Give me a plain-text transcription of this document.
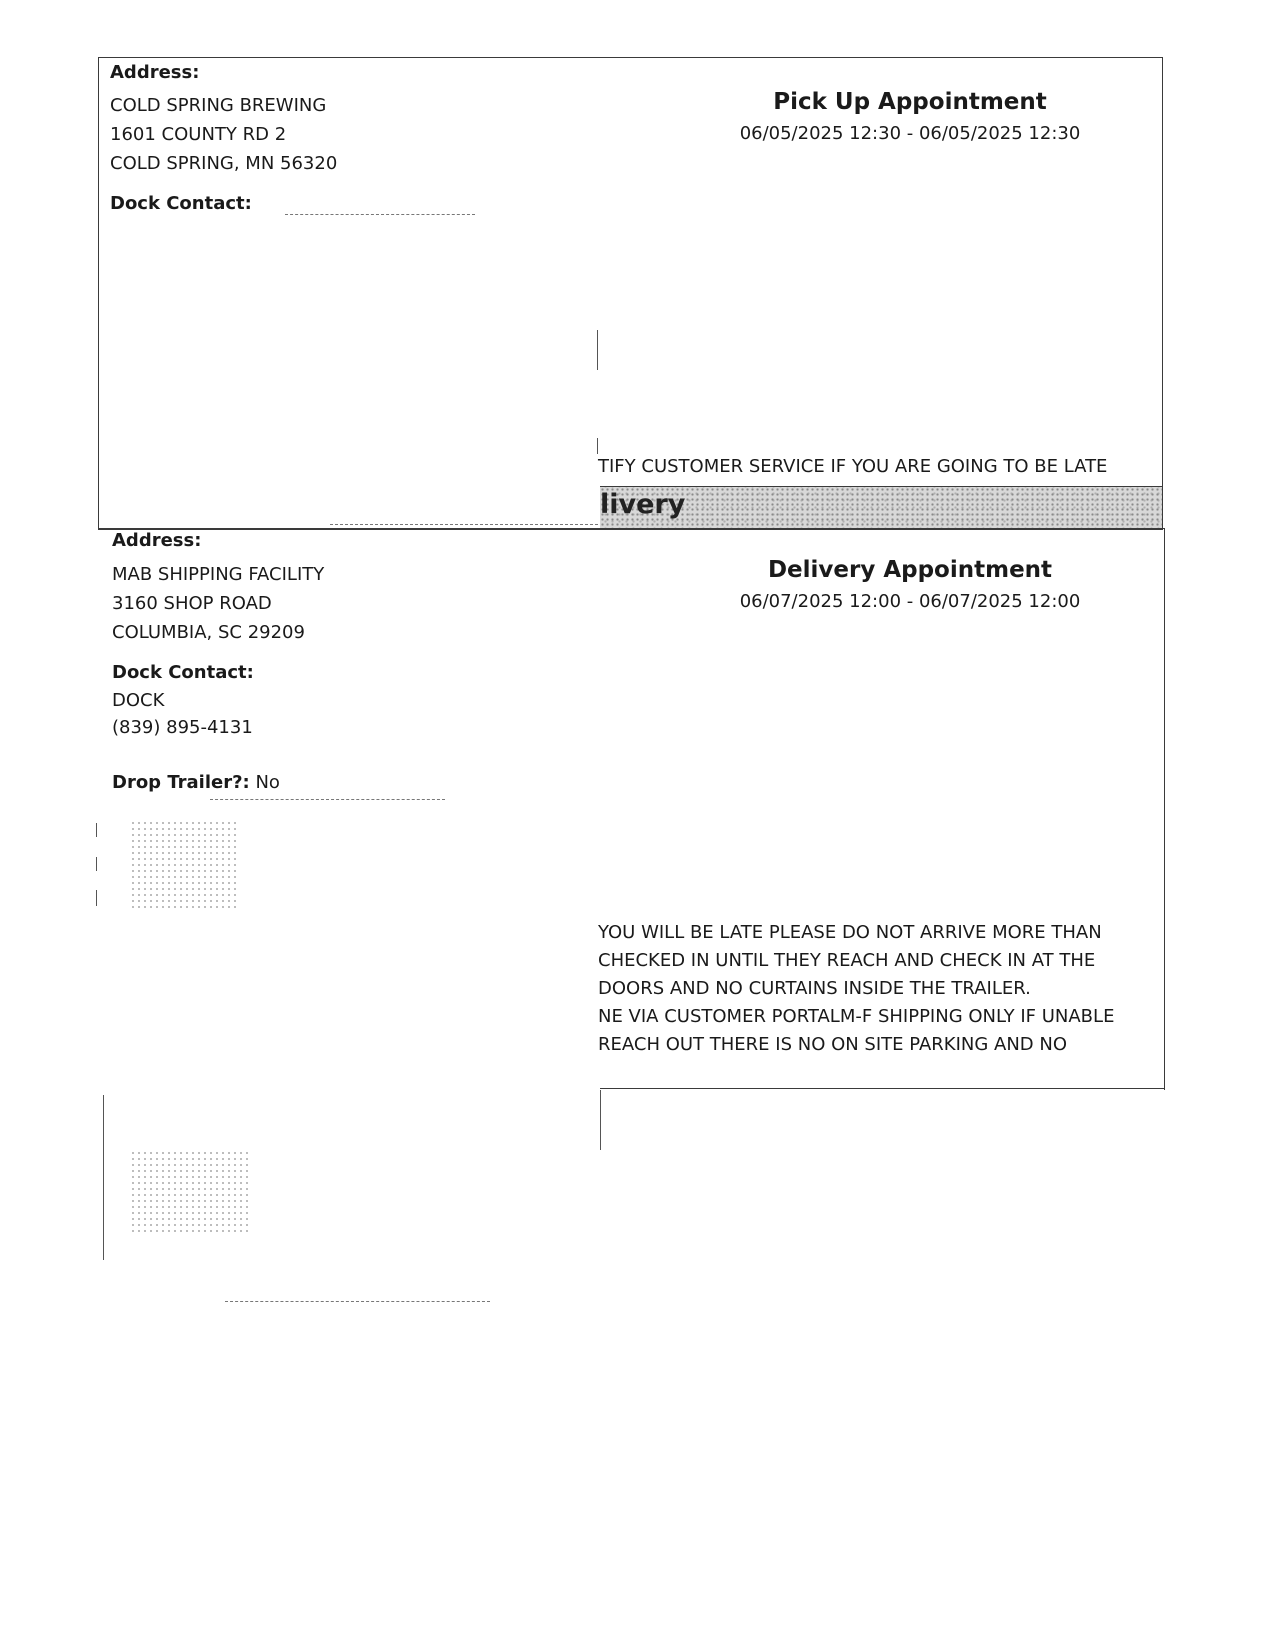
Address:
COLD SPRING BREWING
1601 COUNTY RD 2
COLD SPRING, MN 56320
Dock Contact:
Pick Up Appointment
06/05/2025 12:30 - 06/05/2025 12:30
TIFY CUSTOMER SERVICE IF YOU ARE GOING TO BE LATE
livery
Address:
MAB SHIPPING FACILITY
3160 SHOP ROAD
COLUMBIA, SC 29209
Dock Contact:
DOCK
(839) 895-4131
Drop Trailer?: No
Delivery Appointment
06/07/2025 12:00 - 06/07/2025 12:00
YOU WILL BE LATE PLEASE DO NOT ARRIVE MORE THAN
CHECKED IN UNTIL THEY REACH AND CHECK IN AT THE
DOORS AND NO CURTAINS INSIDE THE TRAILER.
NE VIA CUSTOMER PORTALM-F SHIPPING ONLY IF UNABLE
REACH OUT THERE IS NO ON SITE PARKING AND NO
